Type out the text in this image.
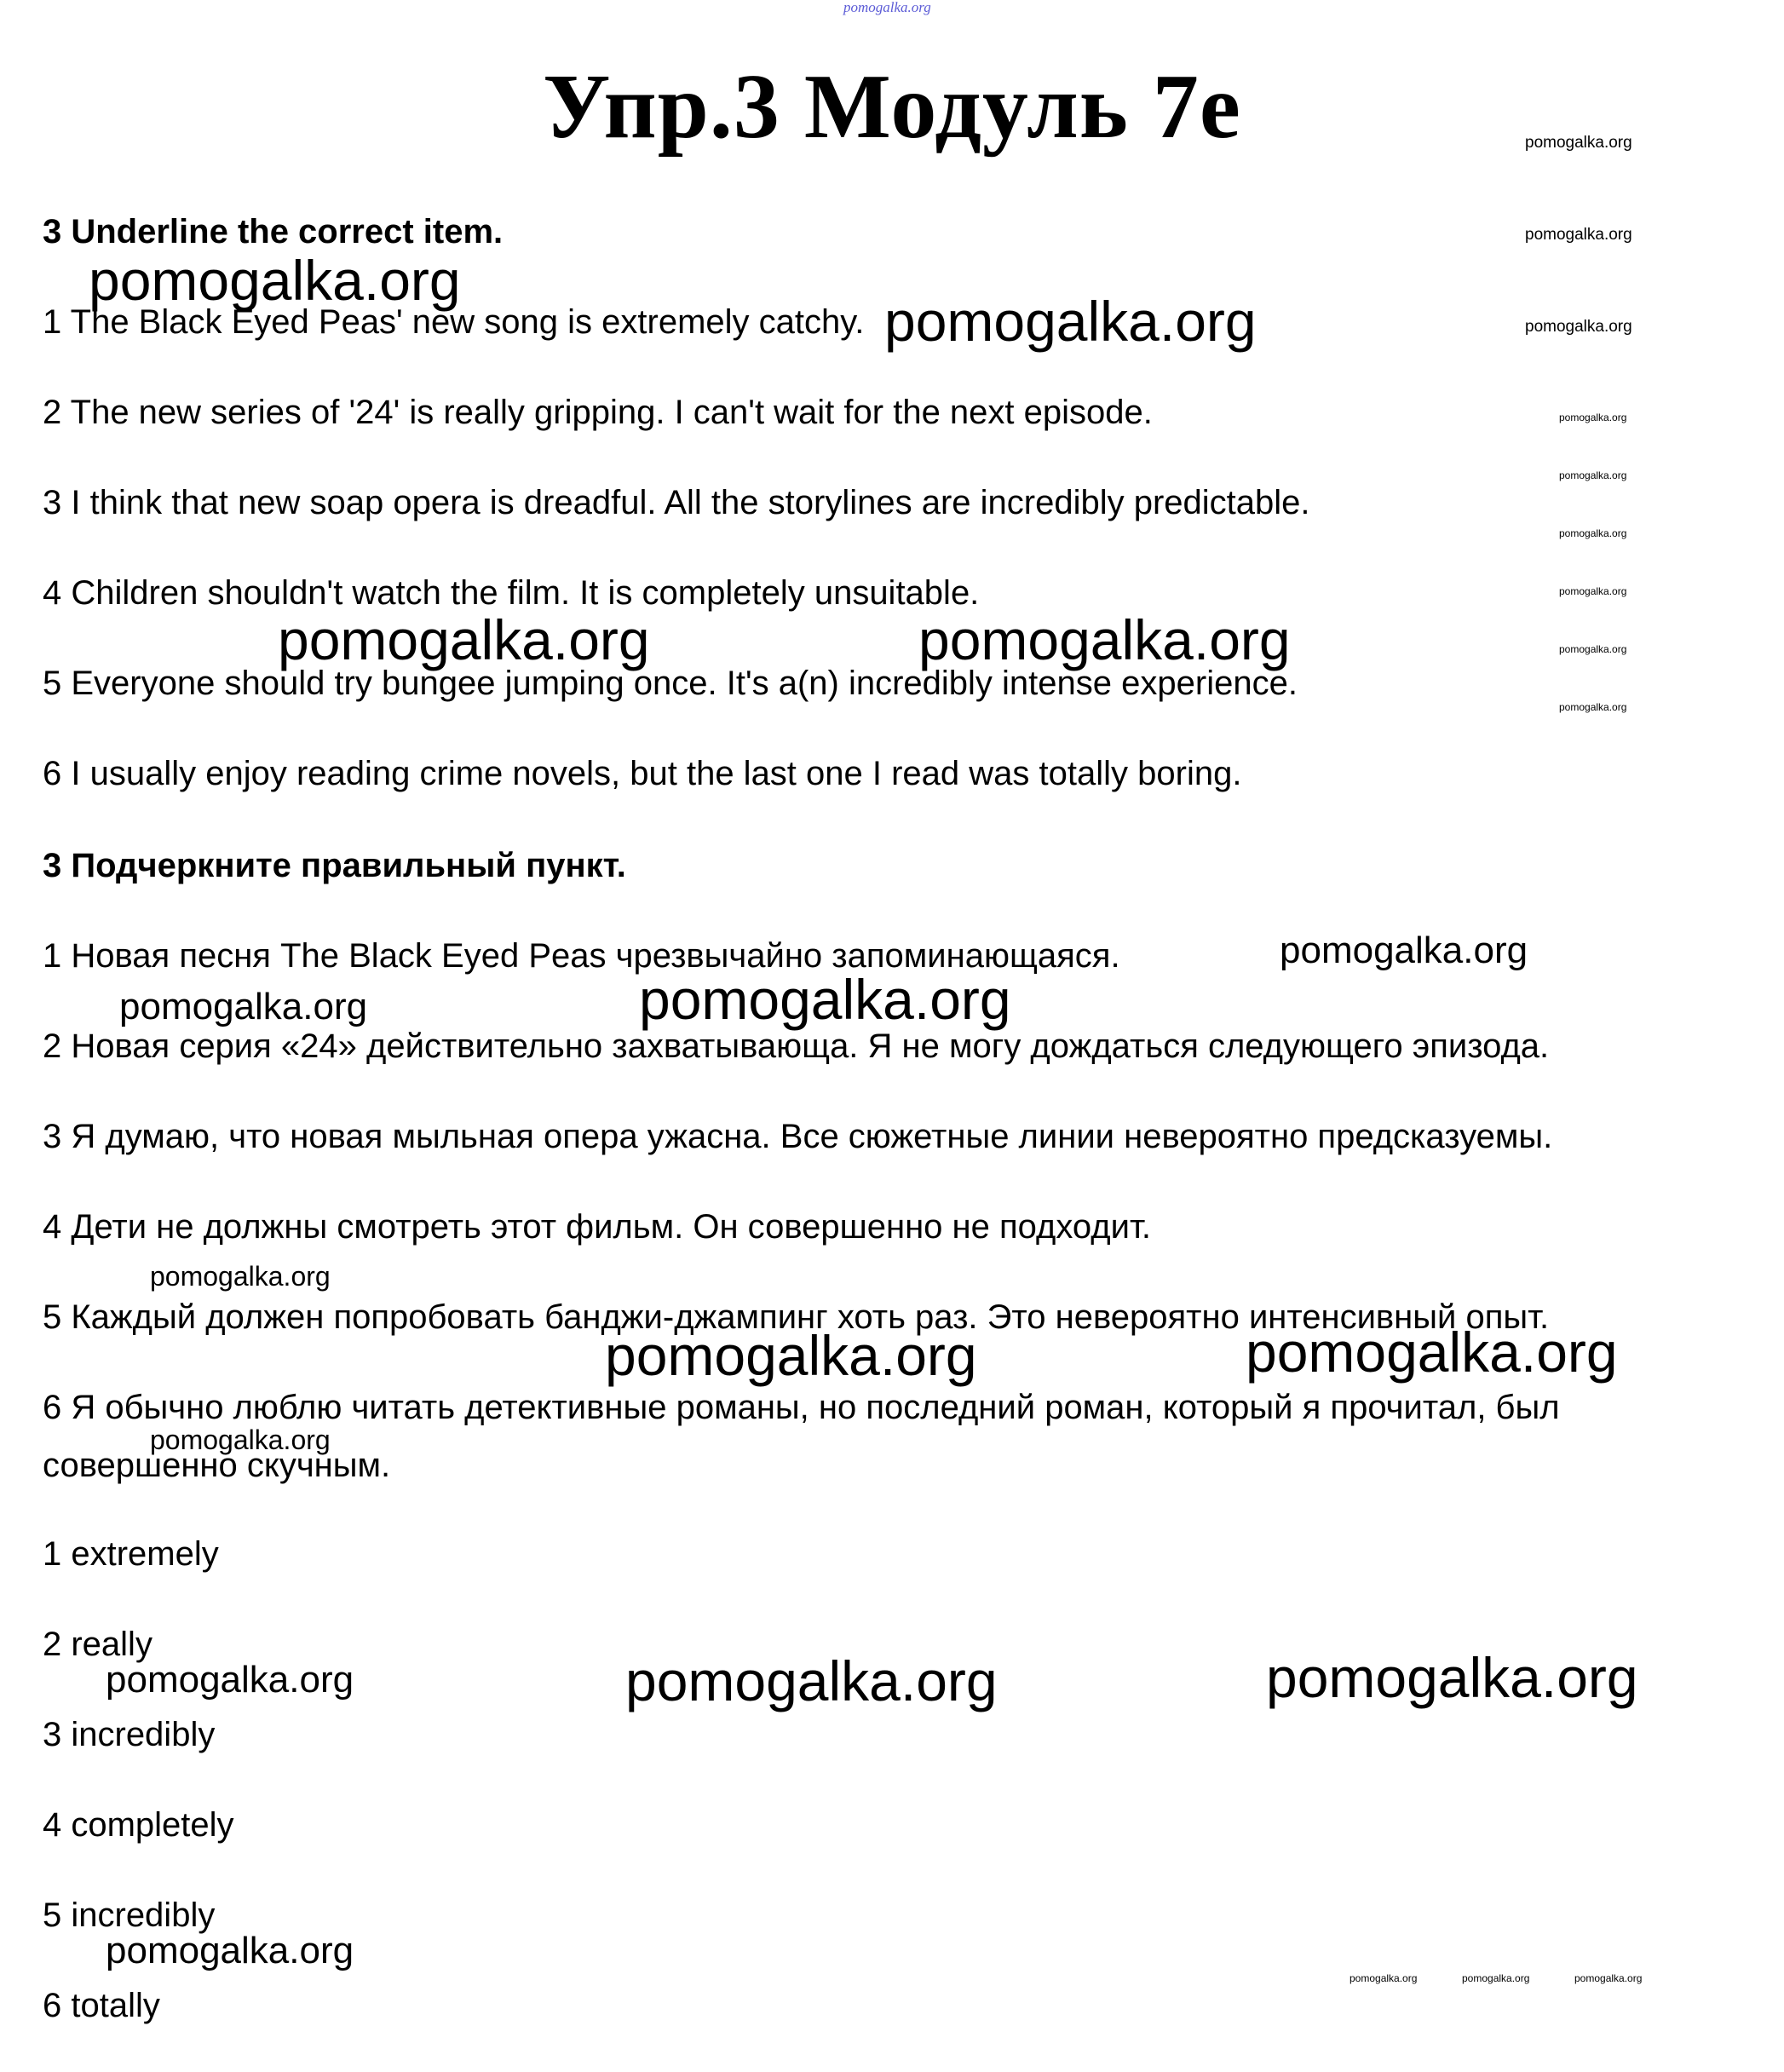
pomogalka.org
Упр.3 Модуль 7е	pomogalka.org
pomogalka.org
pomogalka.org
pomogalka.org
pomogalka.org
pomogalka.org
pomogalka.org
pomogalka.org
pomogalka.org
3 Underline the correct item.
pomogalka.org
1 The Black Eyed Peas' new song is extremely catchy. pomogalka.org
2 The new series of '24' is really gripping. I can't wait for the next episode.
3 I think that new soap opera is dreadful. All the storylines are incredibly predictable.
4 Children shouldn't watch the film. It is completely unsuitable.
pomogalka.org	pomogalka.org
5 Everyone should try bungee jumping once. It's a(n) incredibly intense experience.
6 I usually enjoy reading crime novels, but the last one I read was totally boring.
3 Подчеркните правильный пункт.
1 Новая песня The Black Eyed Peas чрезвычайно запоминающаяся.	pomogalka.org
pomogalka.org	pomogalka.org
2 Новая серия «24» действительно захватывающа. Я не могу дождаться следующего эпизода.
3 Я думаю, что новая мыльная опера ужасна. Все сюжетные линии невероятно предсказуемы.
4 Дети не должны смотреть этот фильм. Он совершенно не подходит.
pomogalka.org
5 Каждый должен попробовать банджи-джампинг хоть раз. Это невероятно интенсивный опыт.
pomogalka.org	pomogalka.org
6 Я обычно люблю читать детективные романы, но последний роман, который я прочитал, был совершенно скучным.
pomogalka.org
1 extremely
2 really
pomogalka.org	pomogalka.org	pomogalka.org
3 incredibly
4 completely
5 incredibly
pomogalka.org
6 totally
pomogalka.org	pomogalka.org	pomogalka.org
